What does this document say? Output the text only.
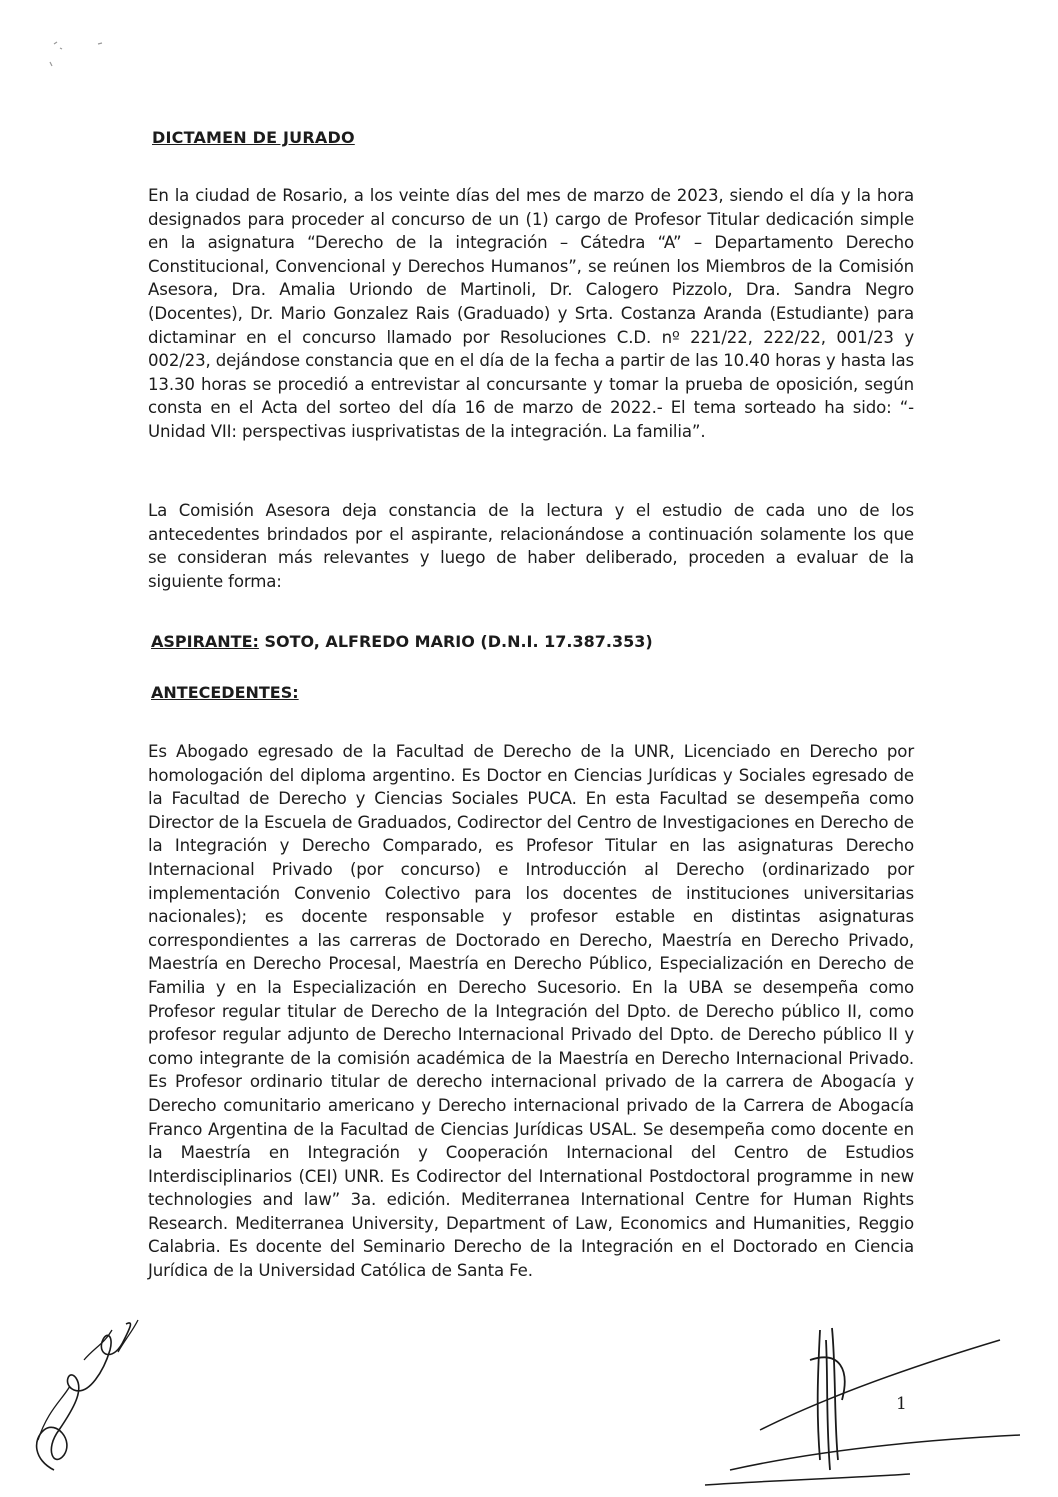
DICTAMEN DE JURADO
En la ciudad de Rosario, a los veinte días del mes de marzo de 2023, siendo el día y la hora designados para proceder al concurso de un (1) cargo de Profesor Titular dedicación simple en la asignatura “Derecho de la integración – Cátedra “A” – Departamento Derecho Constitucional, Convencional y Derechos Humanos”, se reúnen los Miembros de la Comisión Asesora, Dra. Amalia Uriondo de Martinoli, Dr. Calogero Pizzolo, Dra. Sandra Negro (Docentes), Dr. Mario Gonzalez Rais (Graduado) y Srta. Costanza Aranda (Estudiante) para dictaminar en el concurso llamado por Resoluciones C.D. nº 221/22, 222/22, 001/23 y 002/23, dejándose constancia que en el día de la fecha a partir de las 10.40 horas y hasta las 13.30 horas se procedió a entrevistar al concursante y tomar la prueba de oposición, según consta en el Acta del sorteo del día 16 de marzo de 2022.- El tema sorteado ha sido: “-Unidad VII: perspectivas iusprivatistas de la integración. La familia”.
La Comisión Asesora deja constancia de la lectura y el estudio de cada uno de los antecedentes brindados por el aspirante, relacionándose a continuación solamente los que se consideran más relevantes y luego de haber deliberado, proceden a evaluar de la siguiente forma:
ASPIRANTE: SOTO, ALFREDO MARIO (D.N.I. 17.387.353)
ANTECEDENTES:
Es Abogado egresado de la Facultad de Derecho de la UNR, Licenciado en Derecho por homologación del diploma argentino. Es Doctor en Ciencias Jurídicas y Sociales egresado de la Facultad de Derecho y Ciencias Sociales PUCA. En esta Facultad se desempeña como Director de la Escuela de Graduados, Codirector del Centro de Investigaciones en Derecho de la Integración y Derecho Comparado, es Profesor Titular en las asignaturas Derecho Internacional Privado (por concurso) e Introducción al Derecho (ordinarizado por implementación Convenio Colectivo para los docentes de instituciones universitarias nacionales); es docente responsable y profesor estable en distintas asignaturas correspondientes a las carreras de Doctorado en Derecho, Maestría en Derecho Privado, Maestría en Derecho Procesal, Maestría en Derecho Público, Especialización en Derecho de Familia y en la Especialización en Derecho Sucesorio. En la UBA se desempeña como Profesor regular titular de Derecho de la Integración del Dpto. de Derecho público II, como profesor regular adjunto de Derecho Internacional Privado del Dpto. de Derecho público II y como integrante de la comisión académica de la Maestría en Derecho Internacional Privado. Es Profesor ordinario titular de derecho internacional privado de la carrera de Abogacía y Derecho comunitario americano y Derecho internacional privado de la Carrera de Abogacía Franco Argentina de la Facultad de Ciencias Jurídicas USAL. Se desempeña como docente en la Maestría en Integración y Cooperación Internacional del Centro de Estudios Interdisciplinarios (CEI) UNR. Es Codirector del International Postdoctoral programme in new technologies and law” 3a. edición. Mediterranea International Centre for Human Rights Research. Mediterranea University, Department of Law, Economics and Humanities, Reggio Calabria. Es docente del Seminario Derecho de la Integración en el Doctorado en Ciencia Jurídica de la Universidad Católica de Santa Fe.
1
